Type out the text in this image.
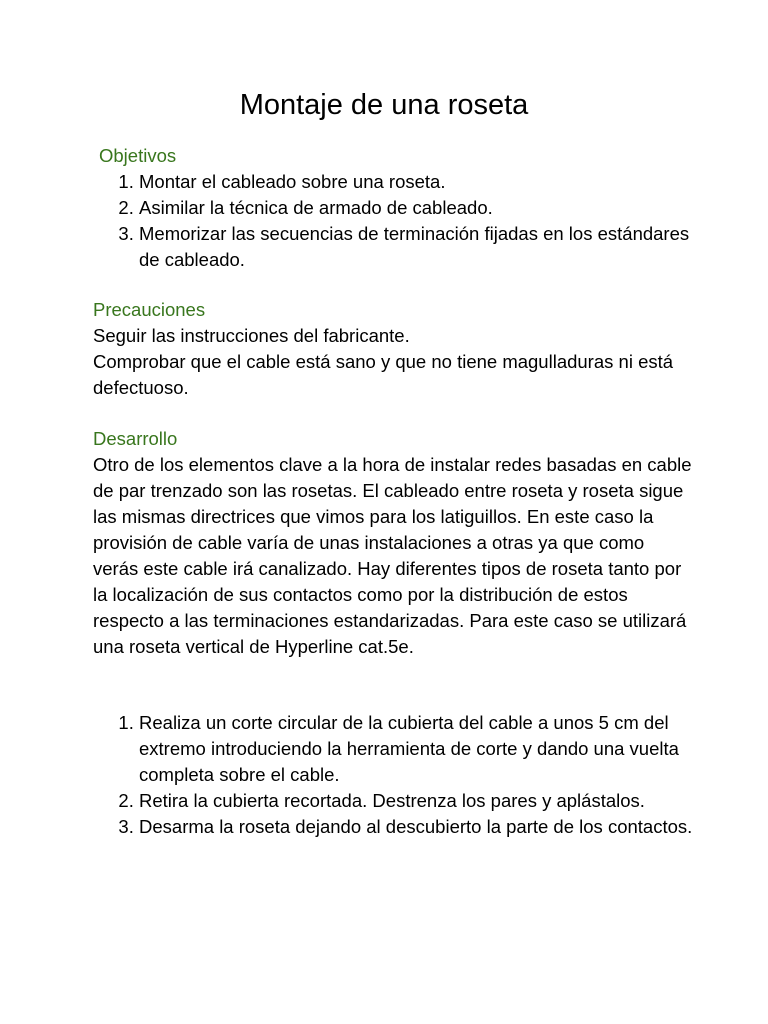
Montaje de una roseta
Objetivos
1. Montar el cableado sobre una roseta.
2. Asimilar la técnica de armado de cableado.
3. Memorizar las secuencias de terminación fijadas en los estándares de cableado.
Precauciones

Seguir las instrucciones del fabricante.

Comprobar que el cable está sano y que no tiene magulladuras ni está defectuoso.

Desarrollo

Otro de los elementos clave a la hora de instalar redes basadas en cable de par trenzado son las rosetas. El cableado entre roseta y roseta sigue las mismas directrices que vimos para los latiguillos. En este caso la provisión de cable varía de unas instalaciones a otras ya que como verás este cable irá canalizado. Hay diferentes tipos de roseta tanto por la localización de sus contactos como por la distribución de estos respecto a las terminaciones estandarizadas. Para este caso se utilizará una roseta vertical de Hyperline cat.5e.

1. Realiza un corte circular de la cubierta del cable a unos 5 cm del extremo introduciendo la herramienta de corte y dando una vuelta completa sobre el cable.
2. Retira la cubierta recortada. Destrenza los pares y aplástalos.
3. Desarma la roseta dejando al descubierto la parte de los contactos.
